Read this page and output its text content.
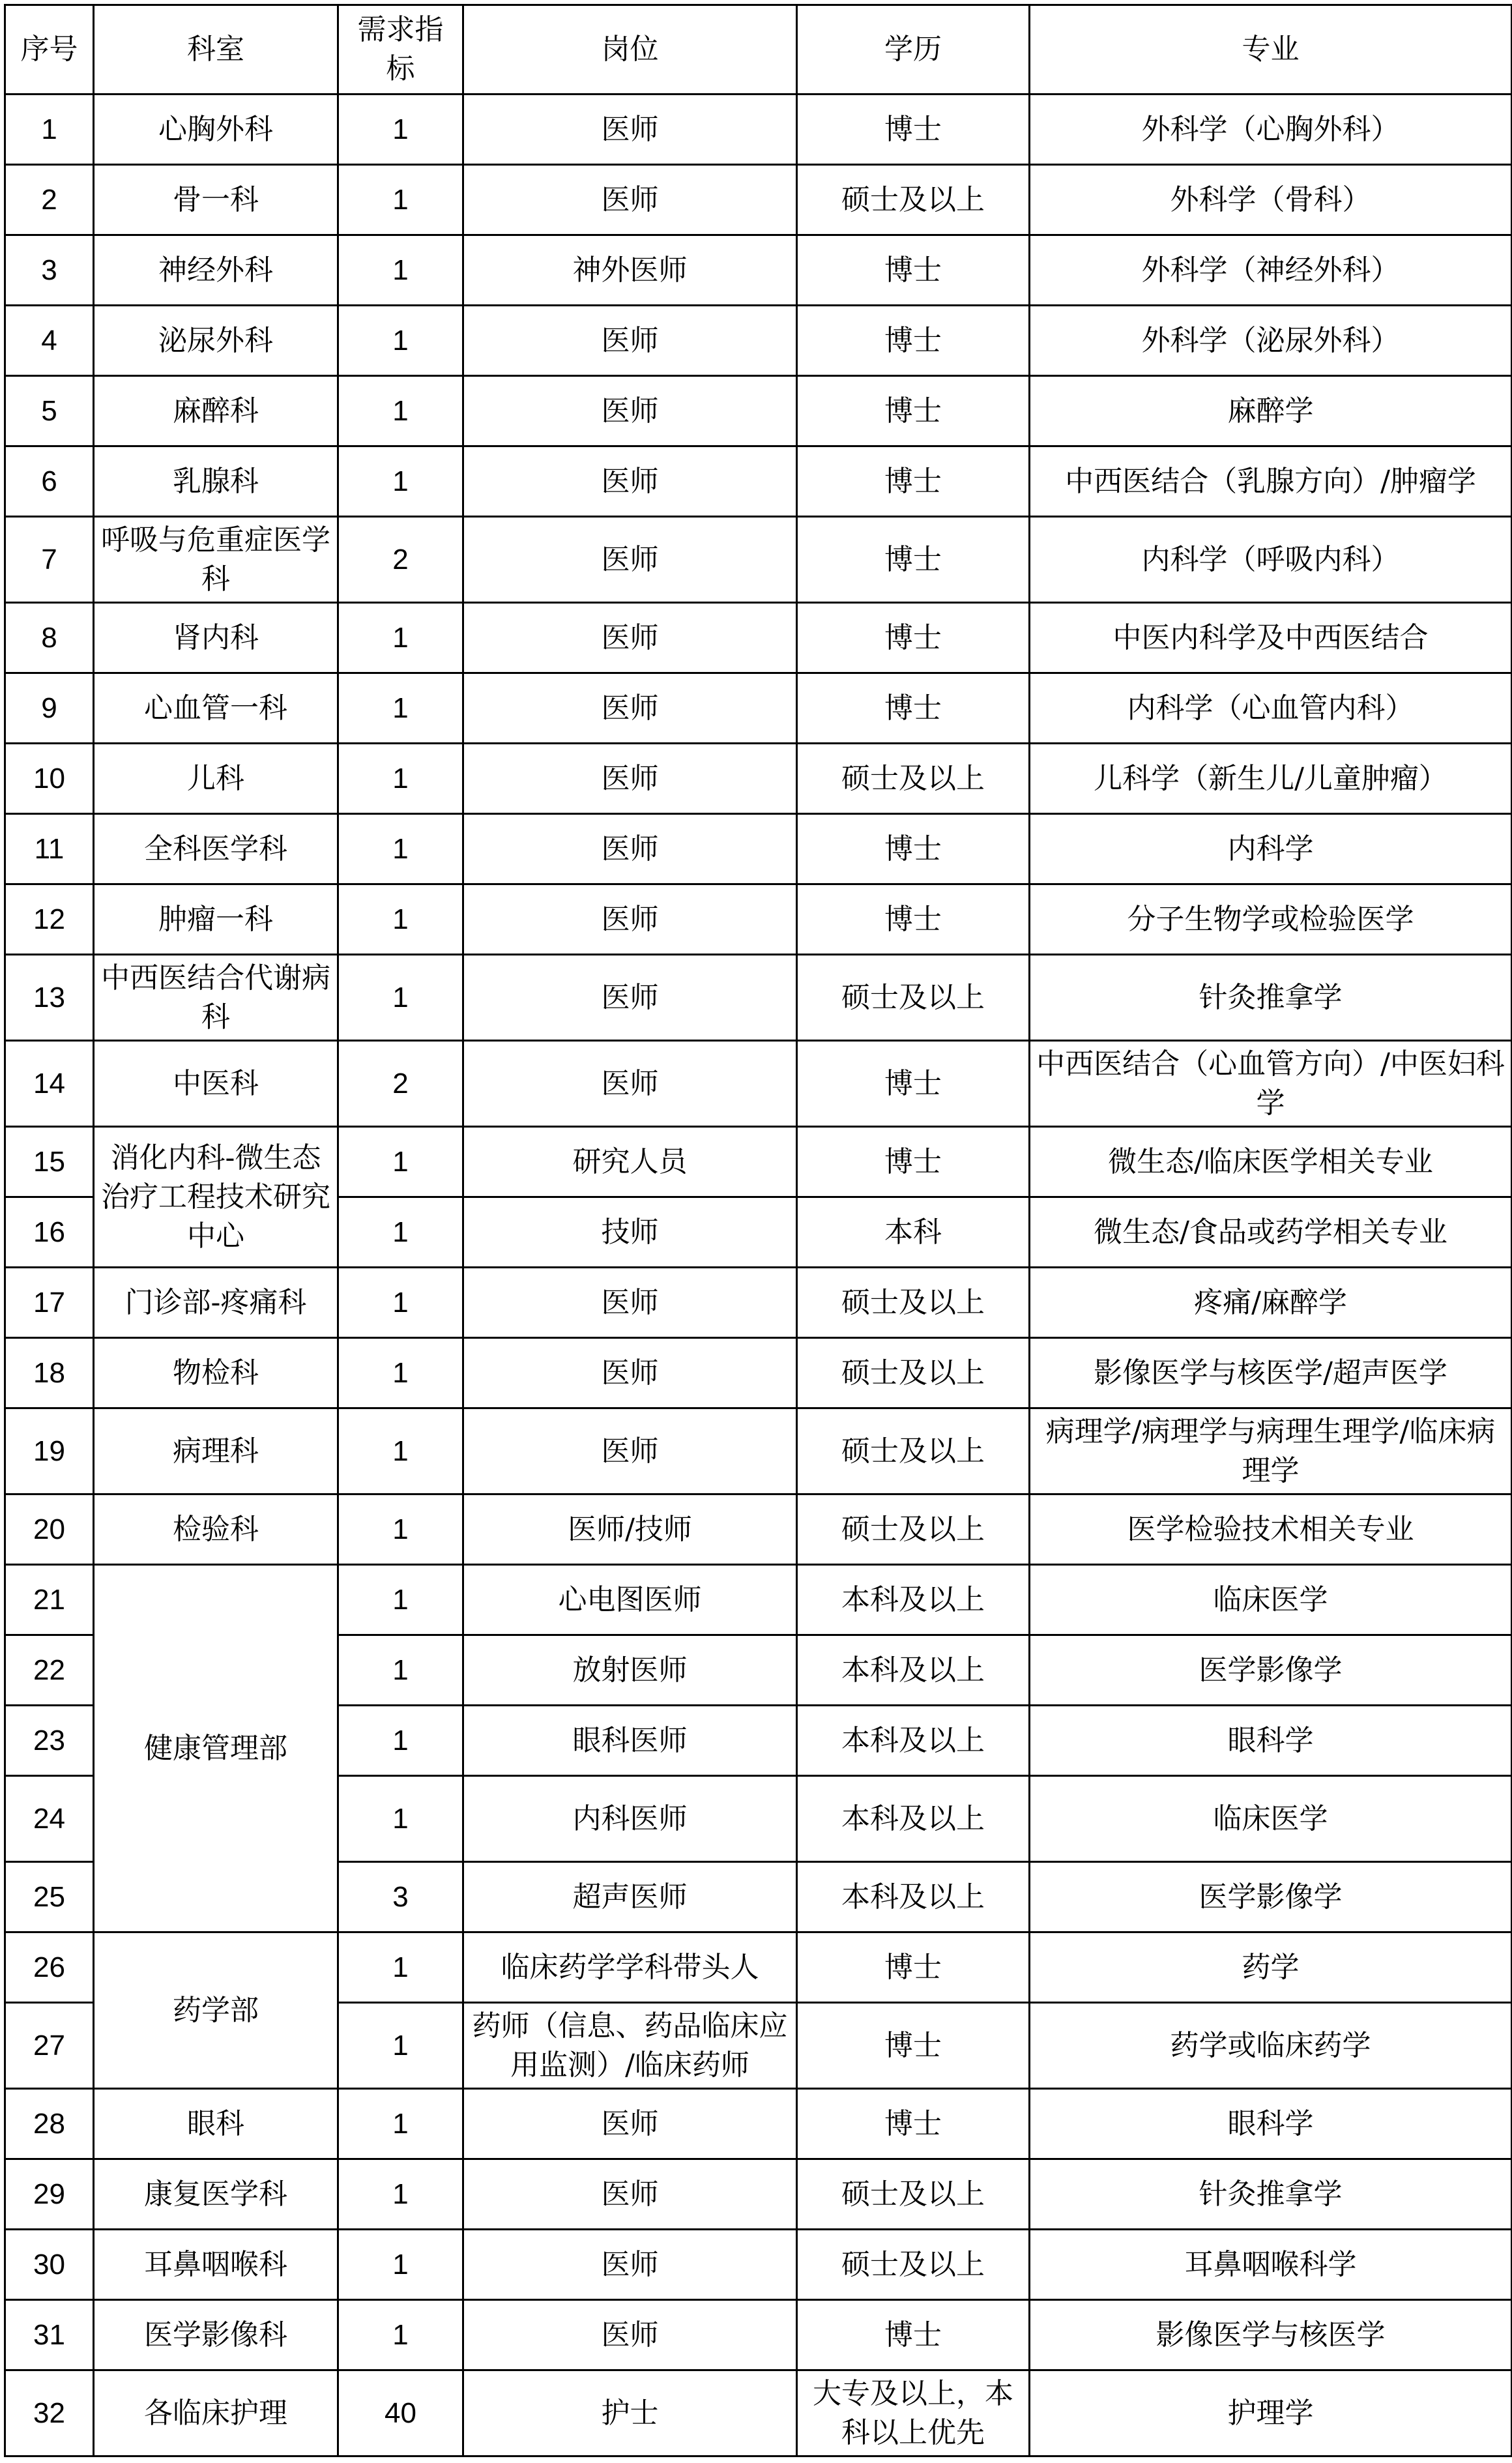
序号	科室	需求指标	岗位	学历	专业
1	心胸外科	1	医师	博士	外科学（心胸外科）
2	骨一科	1	医师	硕士及以上	外科学（骨科）
3	神经外科	1	神外医师	博士	外科学（神经外科）
4	泌尿外科	1	医师	博士	外科学（泌尿外科）
5	麻醉科	1	医师	博士	麻醉学
6	乳腺科	1	医师	博士	中西医结合（乳腺方向）/肿瘤学
7	呼吸与危重症医学科	2	医师	博士	内科学（呼吸内科）
8	肾内科	1	医师	博士	中医内科学及中西医结合
9	心血管一科	1	医师	博士	内科学（心血管内科）
10	儿科	1	医师	硕士及以上	儿科学（新生儿/儿童肿瘤）
11	全科医学科	1	医师	博士	内科学
12	肿瘤一科	1	医师	博士	分子生物学或检验医学
13	中西医结合代谢病科	1	医师	硕士及以上	针灸推拿学
14	中医科	2	医师	博士	中西医结合（心血管方向）/中医妇科学
15	消化内科-微生态治疗工程技术研究中心	1	研究人员	博士	微生态/临床医学相关专业
16		1	技师	本科	微生态/食品或药学相关专业
17	门诊部-疼痛科	1	医师	硕士及以上	疼痛/麻醉学
18	物检科	1	医师	硕士及以上	影像医学与核医学/超声医学
19	病理科	1	医师	硕士及以上	病理学/病理学与病理生理学/临床病理学
20	检验科	1	医师/技师	硕士及以上	医学检验技术相关专业
21	健康管理部	1	心电图医师	本科及以上	临床医学
22		1	放射医师	本科及以上	医学影像学
23		1	眼科医师	本科及以上	眼科学
24		1	内科医师	本科及以上	临床医学
25		3	超声医师	本科及以上	医学影像学
26	药学部	1	临床药学学科带头人	博士	药学
27		1	药师（信息、药品临床应用监测）/临床药师	博士	药学或临床药学
28	眼科	1	医师	博士	眼科学
29	康复医学科	1	医师	硕士及以上	针灸推拿学
30	耳鼻咽喉科	1	医师	硕士及以上	耳鼻咽喉科学
31	医学影像科	1	医师	博士	影像医学与核医学
32	各临床护理	40	护士	大专及以上，本科以上优先	护理学
